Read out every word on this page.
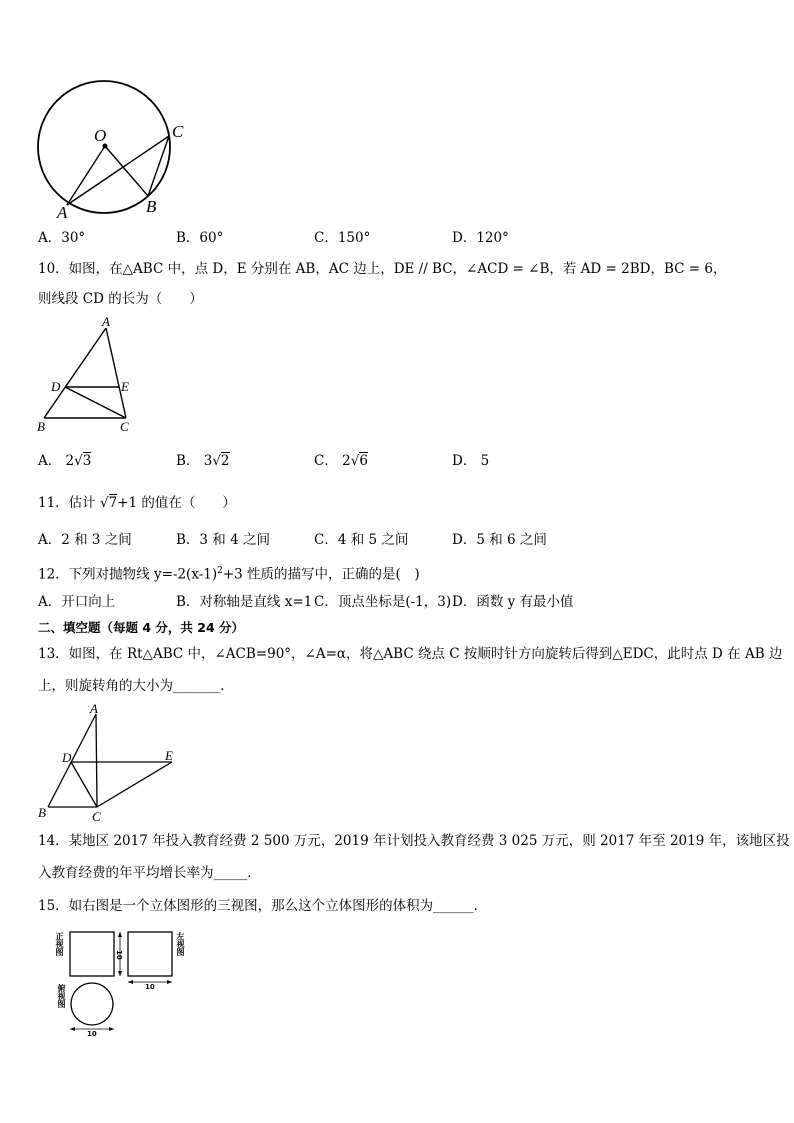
O	C
A	B
A．30°	B．60°	C．150°	D．120°
10．如图，在△ABC 中，点 D，E 分别在 AB，AC 边上，DE // BC，∠ACD = ∠B，若 AD = 2BD，BC = 6，
则线段 CD 的长为（　　）
A
D	E
B	C
A． 2√3	B． 3√2	C． 2√6	D． 5
11．估计 √7+1 的值在（　　）
A．2 和 3 之间	B．3 和 4 之间	C．4 和 5 之间	D．5 和 6 之间
12．下列对抛物线 $y=-2(x-1)^2+3$ 性质的描写中，正确的是(　)
A．开口向上	B．对称轴是直线 x=1 C．顶点坐标是(-1，3) D．函数 y 有最小值
二、填空题（每题 4 分，共 24 分）
13．如图，在 Rt△ABC 中，∠ACB=90°，∠A=α，将△ABC 绕点 C 按顺时针方向旋转后得到△EDC，此时点 D 在 AB 边
上，则旋转角的大小为_______．
A
D	E
B	C
14．某地区 2017 年投入教育经费 2 500 万元，2019 年计划投入教育经费 3 025 万元，则 2017 年至 2019 年，该地区投
入教育经费的年平均增长率为_____．
15．如右图是一个立体图形的三视图，那么这个立体图形的体积为______．
10
10
10
正视图	左视图
俯视图
